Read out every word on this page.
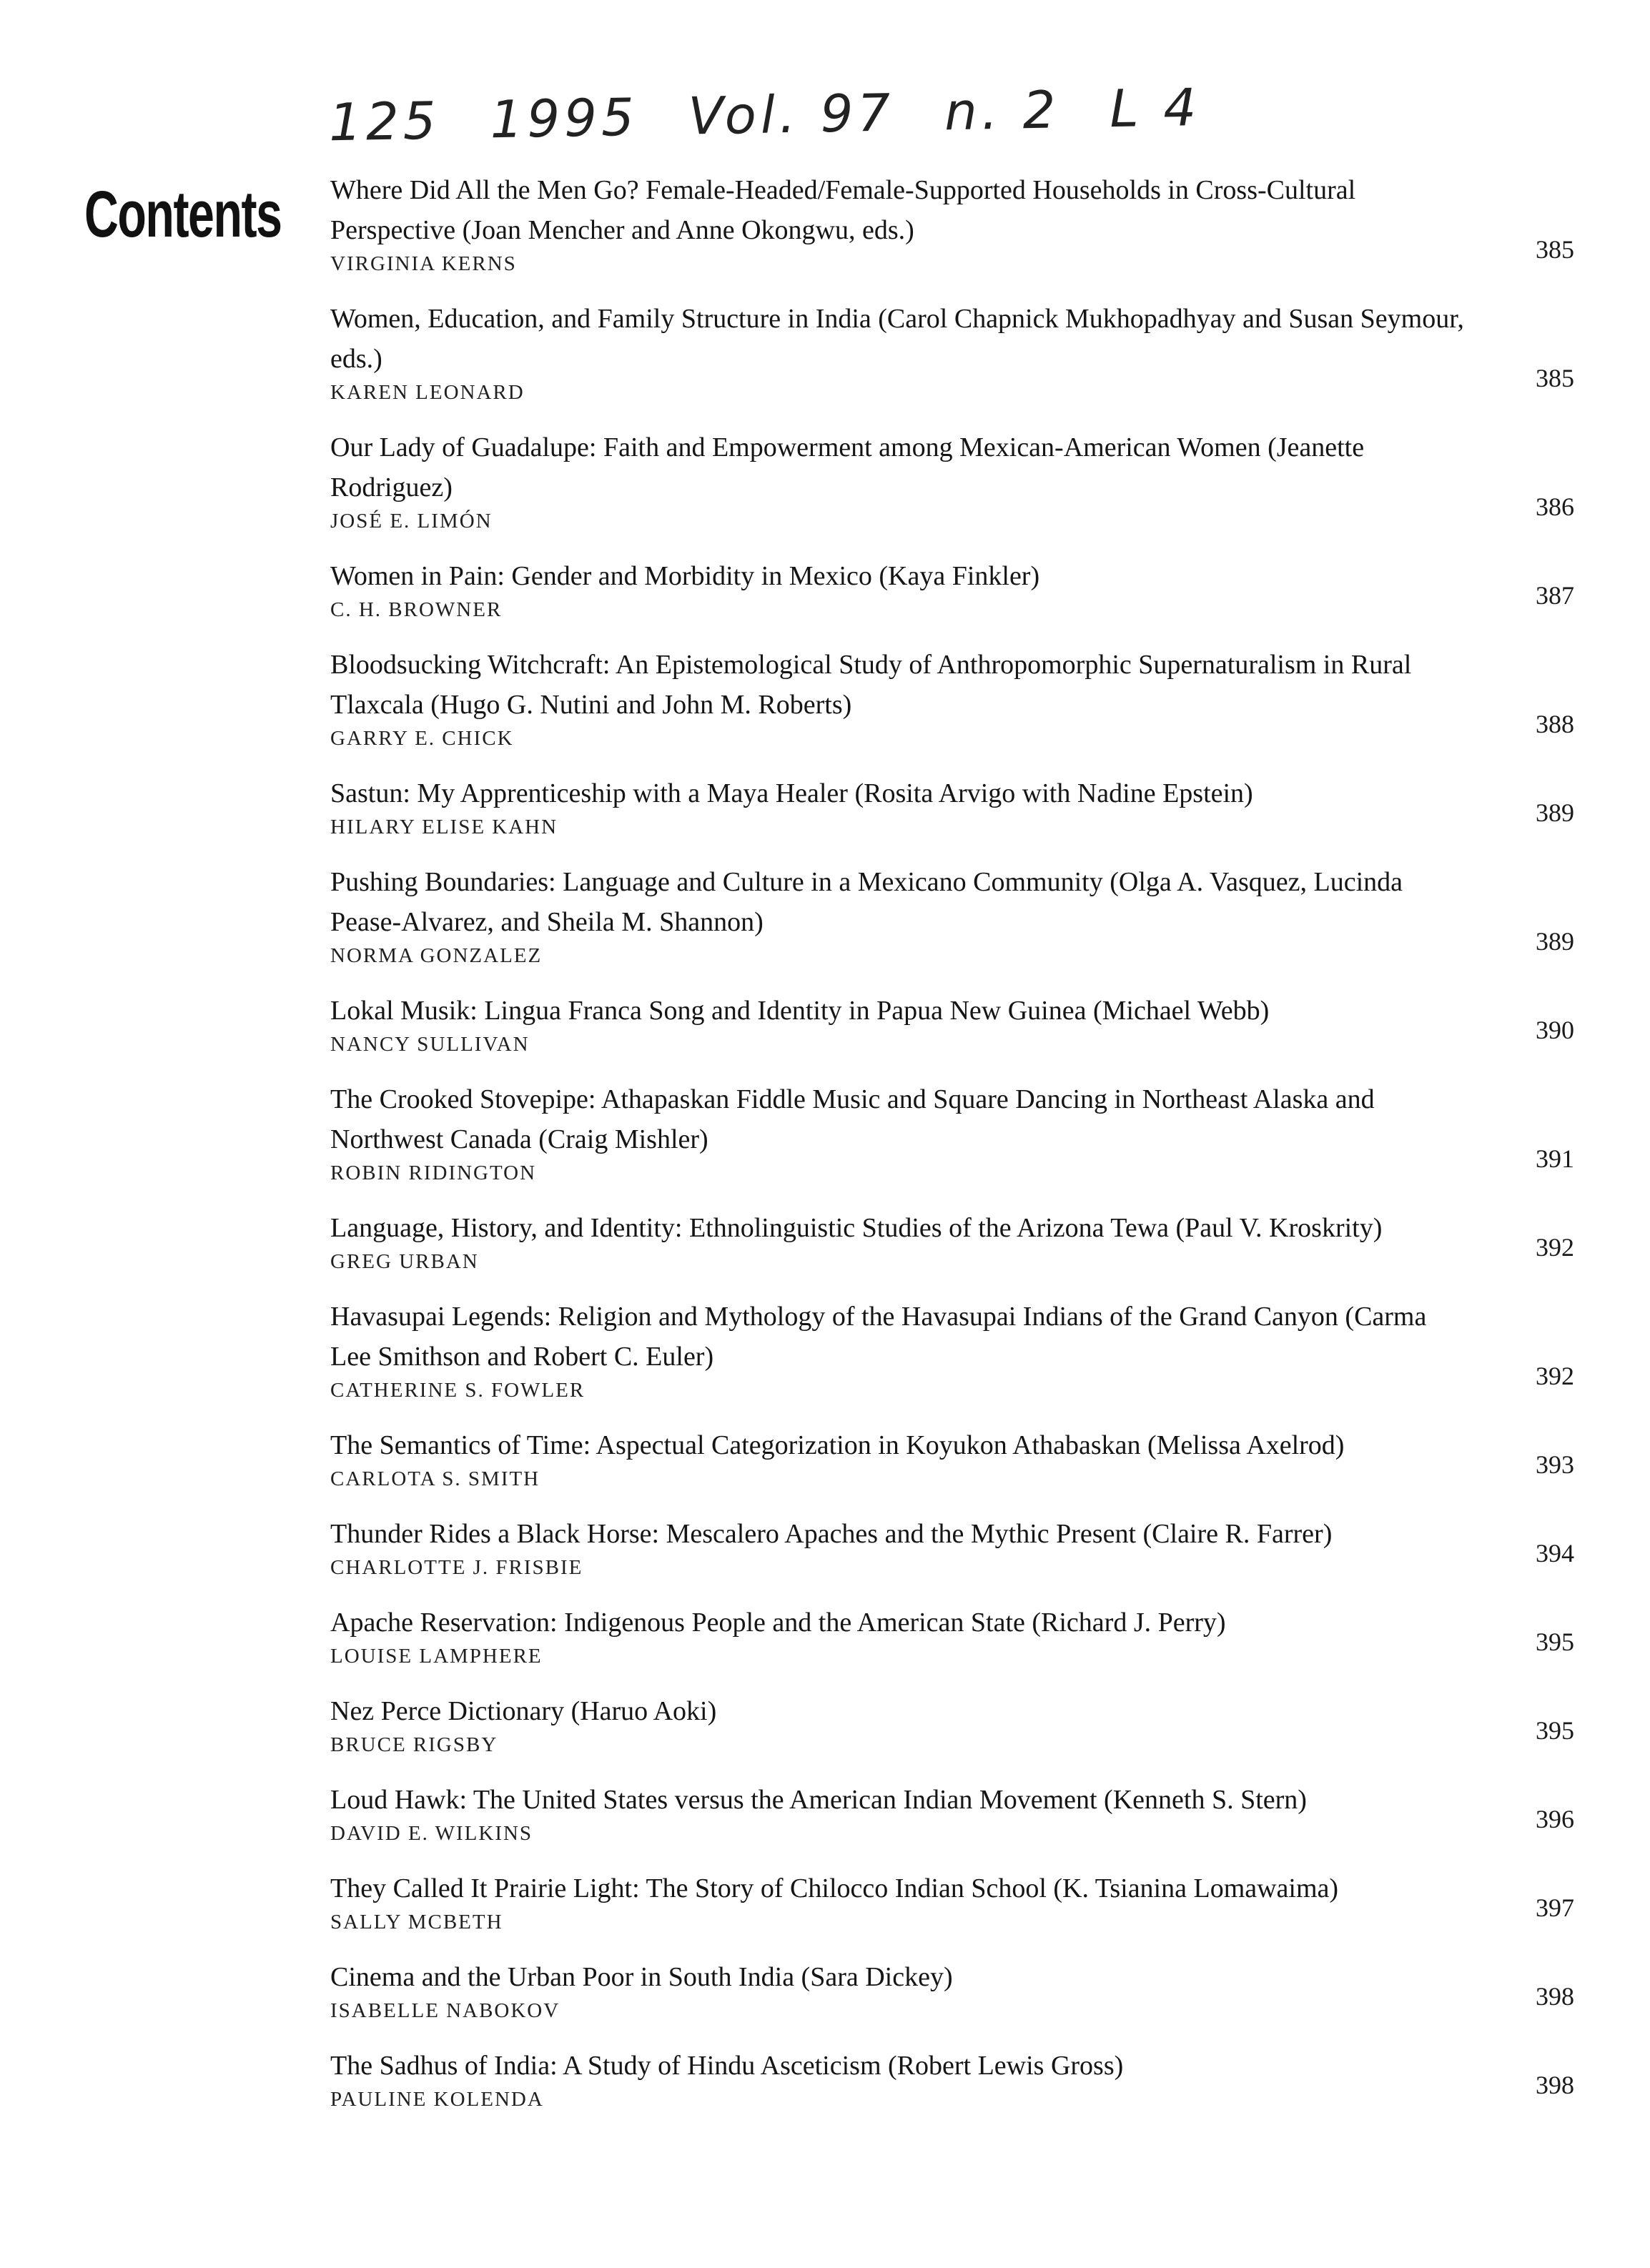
125 1995 Vol. 97 n. 2 L 4
Contents Where Did All the Men Go? Female-Headed/Female-Supported Households in Cross-Cultural Perspective (Joan Mencher and Anne Okongwu, eds.)
VIRGINIA KERNS	385
Women, Education, and Family Structure in India (Carol Chapnick Mukhopadhyay and Susan Seymour, eds.)
KAREN LEONARD	385
Our Lady of Guadalupe: Faith and Empowerment among Mexican-American Women (Jeanette Rodriguez)
JOSÉ E. LIMÓN	386
Women in Pain: Gender and Morbidity in Mexico (Kaya Finkler)
C. H. BROWNER	387
Bloodsucking Witchcraft: An Epistemological Study of Anthropomorphic Supernaturalism in Rural Tlaxcala (Hugo G. Nutini and John M. Roberts)
GARRY E. CHICK	388
Sastun: My Apprenticeship with a Maya Healer (Rosita Arvigo with Nadine Epstein)
HILARY ELISE KAHN	389
Pushing Boundaries: Language and Culture in a Mexicano Community (Olga A. Vasquez, Lucinda Pease-Alvarez, and Sheila M. Shannon)
NORMA GONZALEZ	389
Lokal Musik: Lingua Franca Song and Identity in Papua New Guinea (Michael Webb)
NANCY SULLIVAN	390
The Crooked Stovepipe: Athapaskan Fiddle Music and Square Dancing in Northeast Alaska and Northwest Canada (Craig Mishler)
ROBIN RIDINGTON	391
Language, History, and Identity: Ethnolinguistic Studies of the Arizona Tewa (Paul V. Kroskrity)
GREG URBAN	392
Havasupai Legends: Religion and Mythology of the Havasupai Indians of the Grand Canyon (Carma Lee Smithson and Robert C. Euler)
CATHERINE S. FOWLER	392
The Semantics of Time: Aspectual Categorization in Koyukon Athabaskan (Melissa Axelrod)
CARLOTA S. SMITH	393
Thunder Rides a Black Horse: Mescalero Apaches and the Mythic Present (Claire R. Farrer)
CHARLOTTE J. FRISBIE	394
Apache Reservation: Indigenous People and the American State (Richard J. Perry)
LOUISE LAMPHERE	395
Nez Perce Dictionary (Haruo Aoki)
BRUCE RIGSBY	395
Loud Hawk: The United States versus the American Indian Movement (Kenneth S. Stern)
DAVID E. WILKINS	396
They Called It Prairie Light: The Story of Chilocco Indian School (K. Tsianina Lomawaima)
SALLY MCBETH	397
Cinema and the Urban Poor in South India (Sara Dickey)
ISABELLE NABOKOV	398
The Sadhus of India: A Study of Hindu Asceticism (Robert Lewis Gross)
PAULINE KOLENDA	398
